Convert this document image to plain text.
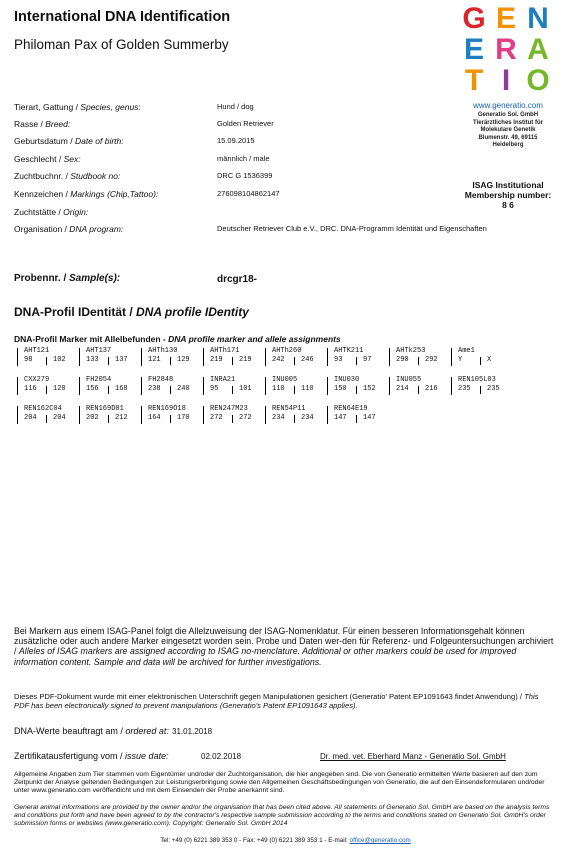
International DNA Identification
Philoman Pax of Golden Summerby
G E N
E R A
T I O
www.generatio.com
Generatio Sol. GmbH
Tierärztliches Institut für
Molekulare Genetik
Blumenstr. 49, 69115
Heidelberg
ISAG Institutional Membership number:
8 6
Tierart, Gattung / Species, genus:	Hund / dog
Rasse / Breed:	Golden Retriever
Geburtsdatum / Date of birth:	15.09.2015
Geschlecht / Sex:	männlich / male
Zuchtbuchnr. / Studbook no:	DRC G 1536399
Kennzeichen / Markings (Chip,Tattoo):	276098104862147
Zuchtstätte / Origin:
Organisation / DNA program:	Deutscher Retriever Club e.V., DRC. DNA-Programm Identität und Eigenschaften
Probennr. / Sample(s):	drcgr18-
DNA-Profil IDentität / DNA profile IDentity
DNA-Profil Marker mit Allelbefunden - DNA profile marker and allele assignments
AHT121
98	102
AHT137
133 137
AHTh130
121 129
AHTh171
219 219
AHTh260
242 246
AHTK211
93	97
AHTk253
290 292
Ame1
Y	X
CXX279
116 120
FH2054
156 168
FH2848
238 240
INRA21
95	101
INU005
110 110
INU030
150 152
INU055
214 216
REN105L03
235 235
REN162C04
204 204
REN169D01
202 212
REN169O18
164 170
REN247M23
272 272
REN54P11
234 234
REN64E19
147 147
Bei Markern aus einem ISAG-Panel folgt die Allelzuweisung der ISAG-Nomenklatur. Für einen besseren Informationsgehalt können zusätzliche oder auch andere Marker eingesetzt worden sein. Probe und Daten wer-den für Referenz- und Folgeuntersuchungen archiviert / Alleles of ISAG markers are assigned according to ISAG no-menclature. Additional or other markers could be used for improved information content. Sample and data will be archived for further investigations.
Dieses PDF-Dokument wurde mit einer elektronischen Unterschrift gegen Manipulationen gesichert (Generatio' Patent EP1091643 findet Anwendung) / This PDF has been electronically signed to prevent manipulations (Generatio's Patent EP1091643 applies).
DNA-Werte beauftragt am / ordered at: 31.01.2018
Zertifikatausfertigung vom / issue date:	02.02.2018	Dr. med. vet. Eberhard Manz - Generatio Sol. GmbH
Allgemeine Angaben zum Tier stammen vom Eigentümer und/oder der Zuchtorganisation, die hier angegeben sind. Die von Generatio ermittelten Werte basieren auf den zum Zeitpunkt der Analyse geltenden Bedingungen zur Leistungserbringung sowie den Allgemeinen Geschäftsbedingungen von Generatio, die auf den Einsendeformularen und/oder unter www.generatio.com veröffentlicht und mit dem Einsenden der Probe anerkannt sind.
General animal informations are provided by the owner and/or the organisation that has been cited above. All statements of Generatio Sol. GmbH are based on the analysis terms and conditions put forth and have been agreed to by the contractor's respective sample submission according to the terms and conditions stated on Generatio Sol. GmbH's order submission forms or websites (www.generatio.com). Copyright: Generatio Sol. GmbH 2014
Tel: +49 (0) 6221 389 353 0 - Fax: +49 (0) 6221 389 353 1 - E-mail: office@generatio.com
